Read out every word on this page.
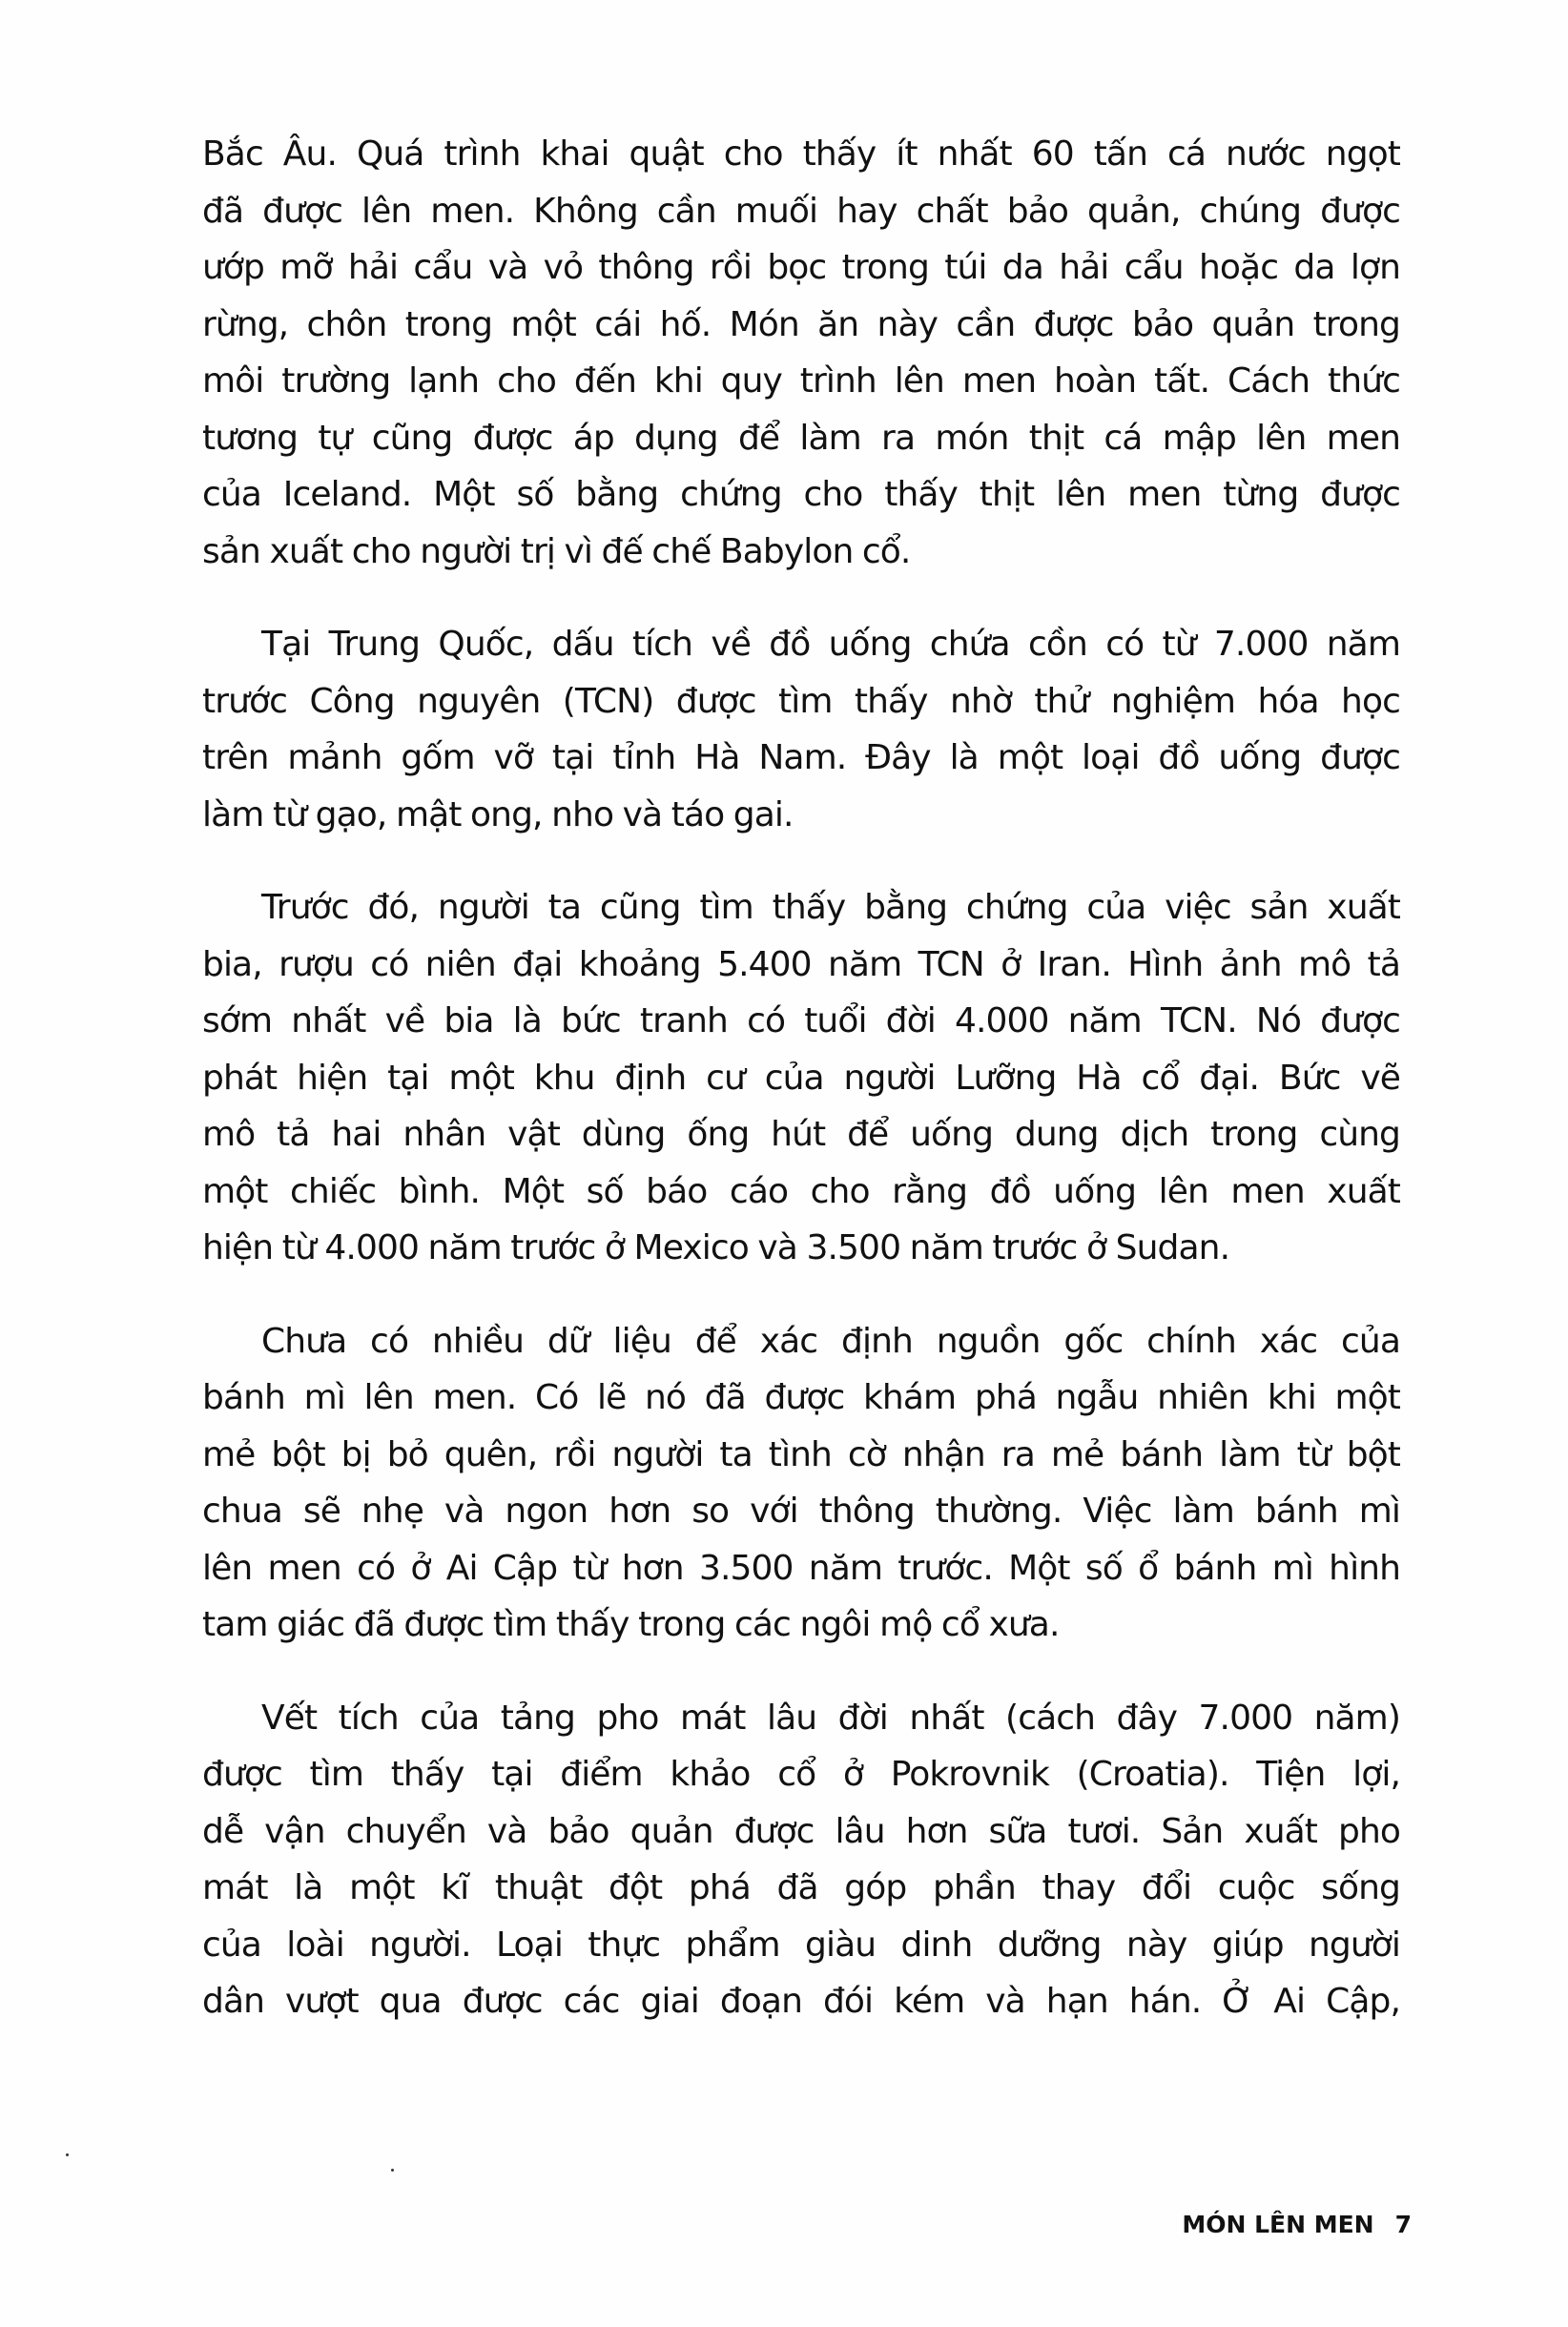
Bắc Âu. Quá trình khai quật cho thấy ít nhất 60 tấn cá nước ngọt
đã được lên men. Không cần muối hay chất bảo quản, chúng được
ướp mỡ hải cẩu và vỏ thông rồi bọc trong túi da hải cẩu hoặc da lợn
rừng, chôn trong một cái hố. Món ăn này cần được bảo quản trong
môi trường lạnh cho đến khi quy trình lên men hoàn tất. Cách thức
tương tự cũng được áp dụng để làm ra món thịt cá mập lên men
của Iceland. Một số bằng chứng cho thấy thịt lên men từng được
sản xuất cho người trị vì đế chế Babylon cổ.
Tại Trung Quốc, dấu tích về đồ uống chứa cồn có từ 7.000 năm
trước Công nguyên (TCN) được tìm thấy nhờ thử nghiệm hóa học
trên mảnh gốm vỡ tại tỉnh Hà Nam. Đây là một loại đồ uống được
làm từ gạo, mật ong, nho và táo gai.
Trước đó, người ta cũng tìm thấy bằng chứng của việc sản xuất
bia, rượu có niên đại khoảng 5.400 năm TCN ở Iran. Hình ảnh mô tả
sớm nhất về bia là bức tranh có tuổi đời 4.000 năm TCN. Nó được
phát hiện tại một khu định cư của người Lưỡng Hà cổ đại. Bức vẽ
mô tả hai nhân vật dùng ống hút để uống dung dịch trong cùng
một chiếc bình. Một số báo cáo cho rằng đồ uống lên men xuất
hiện từ 4.000 năm trước ở Mexico và 3.500 năm trước ở Sudan.
Chưa có nhiều dữ liệu để xác định nguồn gốc chính xác của
bánh mì lên men. Có lẽ nó đã được khám phá ngẫu nhiên khi một
mẻ bột bị bỏ quên, rồi người ta tình cờ nhận ra mẻ bánh làm từ bột
chua sẽ nhẹ và ngon hơn so với thông thường. Việc làm bánh mì
lên men có ở Ai Cập từ hơn 3.500 năm trước. Một số ổ bánh mì hình
tam giác đã được tìm thấy trong các ngôi mộ cổ xưa.
Vết tích của tảng pho mát lâu đời nhất (cách đây 7.000 năm)
được tìm thấy tại điểm khảo cổ ở Pokrovnik (Croatia). Tiện lợi,
dễ vận chuyển và bảo quản được lâu hơn sữa tươi. Sản xuất pho
mát là một kĩ thuật đột phá đã góp phần thay đổi cuộc sống
của loài người. Loại thực phẩm giàu dinh dưỡng này giúp người
dân vượt qua được các giai đoạn đói kém và hạn hán. Ở Ai Cập,
MÓN LÊN MEN 7
